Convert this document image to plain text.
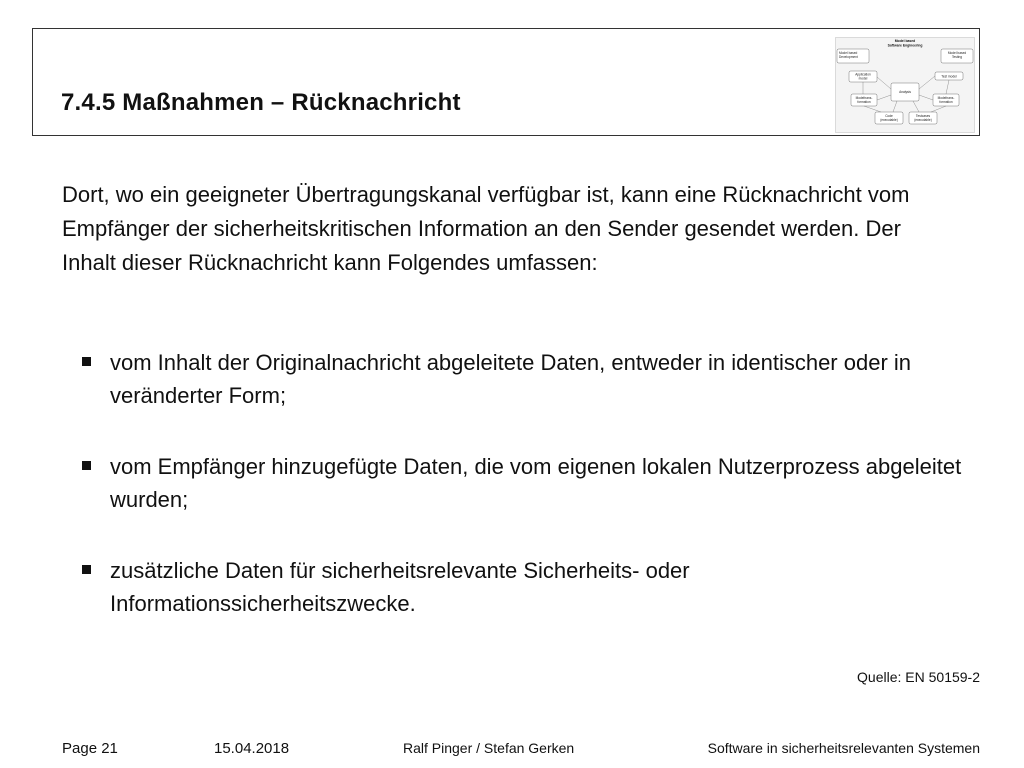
7.4.5 Maßnahmen – Rücknachricht
Model based
Software Engineering
Model based
Development
Model based
Testing
Application
model	Test model
Analysis
Modeltrans-
formation
Modeltrans-
formation
Code
(executable)
Testcases
(executable)

Dort, wo ein geeigneter Übertragungskanal verfügbar ist, kann eine Rücknachricht vom Empfänger der sicherheitskritischen Information an den Sender gesendet werden. Der Inhalt dieser Rücknachricht kann Folgendes umfassen:

vom Inhalt der Originalnachricht abgeleitete Daten, entweder in identischer oder in veränderter Form;
vom Empfänger hinzugefügte Daten, die vom eigenen lokalen Nutzerprozess abgeleitet wurden;
zusätzliche Daten für sicherheitsrelevante Sicherheits- oder Informationssicherheitszwecke.
Quelle: EN 50159-2
Page 21	15.04.2018	Ralf Pinger / Stefan Gerken	Software in sicherheitsrelevanten Systemen
